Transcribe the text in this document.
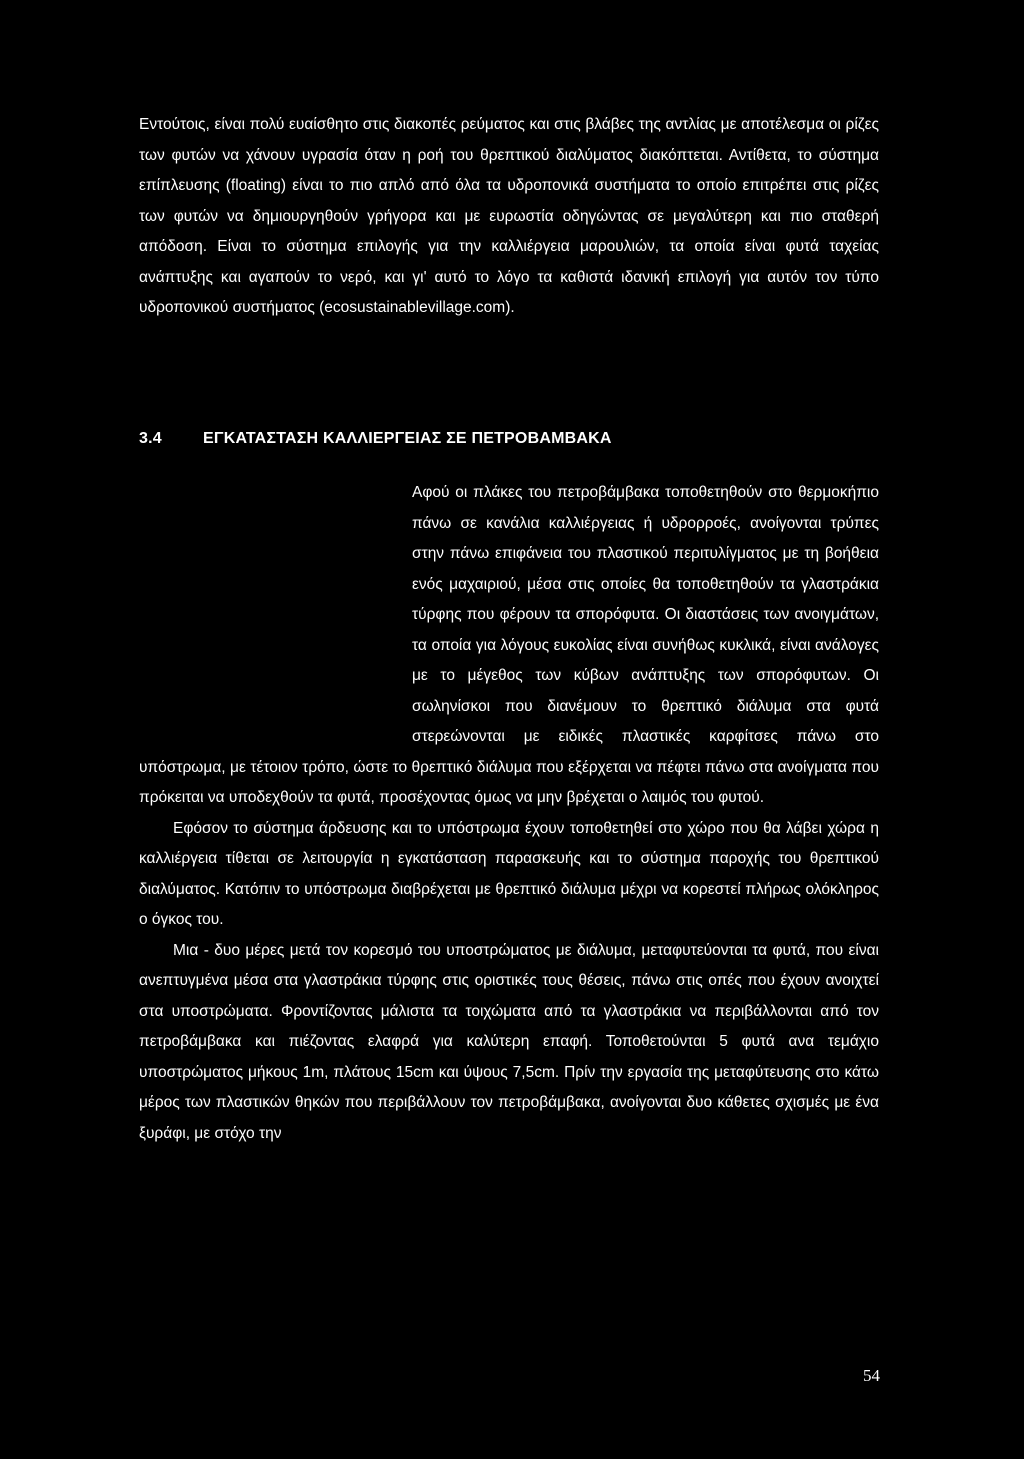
Εντούτοις, είναι πολύ ευαίσθητο στις διακοπές ρεύματος και στις βλάβες της αντλίας με αποτέλεσμα οι ρίζες των φυτών να χάνουν υγρασία όταν η ροή του θρεπτικού διαλύματος διακόπτεται. Αντίθετα, το σύστημα επίπλευσης (floating) είναι το πιο απλό από όλα τα υδροπονικά συστήματα το οποίο επιτρέπει στις ρίζες των φυτών να δημιουργηθούν γρήγορα και με ευρωστία οδηγώντας σε μεγαλύτερη και πιο σταθερή απόδοση. Είναι το σύστημα επιλογής για την καλλιέργεια μαρουλιών, τα οποία είναι φυτά ταχείας ανάπτυξης και αγαπούν το νερό, και γι' αυτό το λόγο τα καθιστά ιδανική επιλογή για αυτόν τον τύπο υδροπονικού συστήματος (ecosustainablevillage.com).
3.4	ΕΓΚΑΤΑΣΤΑΣΗ ΚΑΛΛΙΕΡΓΕΙΑΣ ΣΕ ΠΕΤΡΟΒΑΜΒΑΚΑ

Αφού οι πλάκες του πετροβάμβακα τοποθετηθούν στο θερμοκήπιο πάνω σε κανάλια καλλιέργειας ή υδρορροές, ανοίγονται τρύπες στην πάνω επιφάνεια του πλαστικού περιτυλίγματος με τη βοήθεια ενός μαχαιριού, μέσα στις οποίες θα τοποθετηθούν τα γλαστράκια τύρφης που φέρουν τα σπορόφυτα. Οι διαστάσεις των ανοιγμάτων, τα οποία για λόγους ευκολίας είναι συνήθως κυκλικά, είναι ανάλογες με το μέγεθος των κύβων ανάπτυξης των σπορόφυτων. Οι σωληνίσκοι που διανέμουν το θρεπτικό διάλυμα στα φυτά στερεώνονται με ειδικές πλαστικές καρφίτσες πάνω στο υπόστρωμα, με τέτοιον τρόπο, ώστε το θρεπτικό διάλυμα που εξέρχεται να πέφτει πάνω στα ανοίγματα που πρόκειται να υποδεχθούν τα φυτά, προσέχοντας όμως να μην βρέχεται ο λαιμός του φυτού.

Εφόσον το σύστημα άρδευσης και το υπόστρωμα έχουν τοποθετηθεί στο χώρο που θα λάβει χώρα η καλλιέργεια τίθεται σε λειτουργία η εγκατάσταση παρασκευής και το σύστημα παροχής του θρεπτικού διαλύματος. Κατόπιν το υπόστρωμα διαβρέχεται με θρεπτικό διάλυμα μέχρι να κορεστεί πλήρως ολόκληρος ο όγκος του.

Μια - δυο μέρες μετά τον κορεσμό του υποστρώματος με διάλυμα, μεταφυτεύονται τα φυτά, που είναι ανεπτυγμένα μέσα στα γλαστράκια τύρφης στις οριστικές τους θέσεις, πάνω στις οπές που έχουν ανοιχτεί στα υποστρώματα. Φροντίζοντας μάλιστα τα τοιχώματα από τα γλαστράκια να περιβάλλονται από τον πετροβάμβακα και πιέζοντας ελαφρά για καλύτερη επαφή. Τοποθετούνται 5 φυτά ανα τεμάχιο υποστρώματος μήκους 1m, πλάτους 15cm και ύψους 7,5cm. Πρίν την εργασία της μεταφύτευσης στο κάτω μέρος των πλαστικών θηκών που περιβάλλουν τον πετροβάμβακα, ανοίγονται δυο κάθετες σχισμές με ένα ξυράφι, με στόχο την

54
